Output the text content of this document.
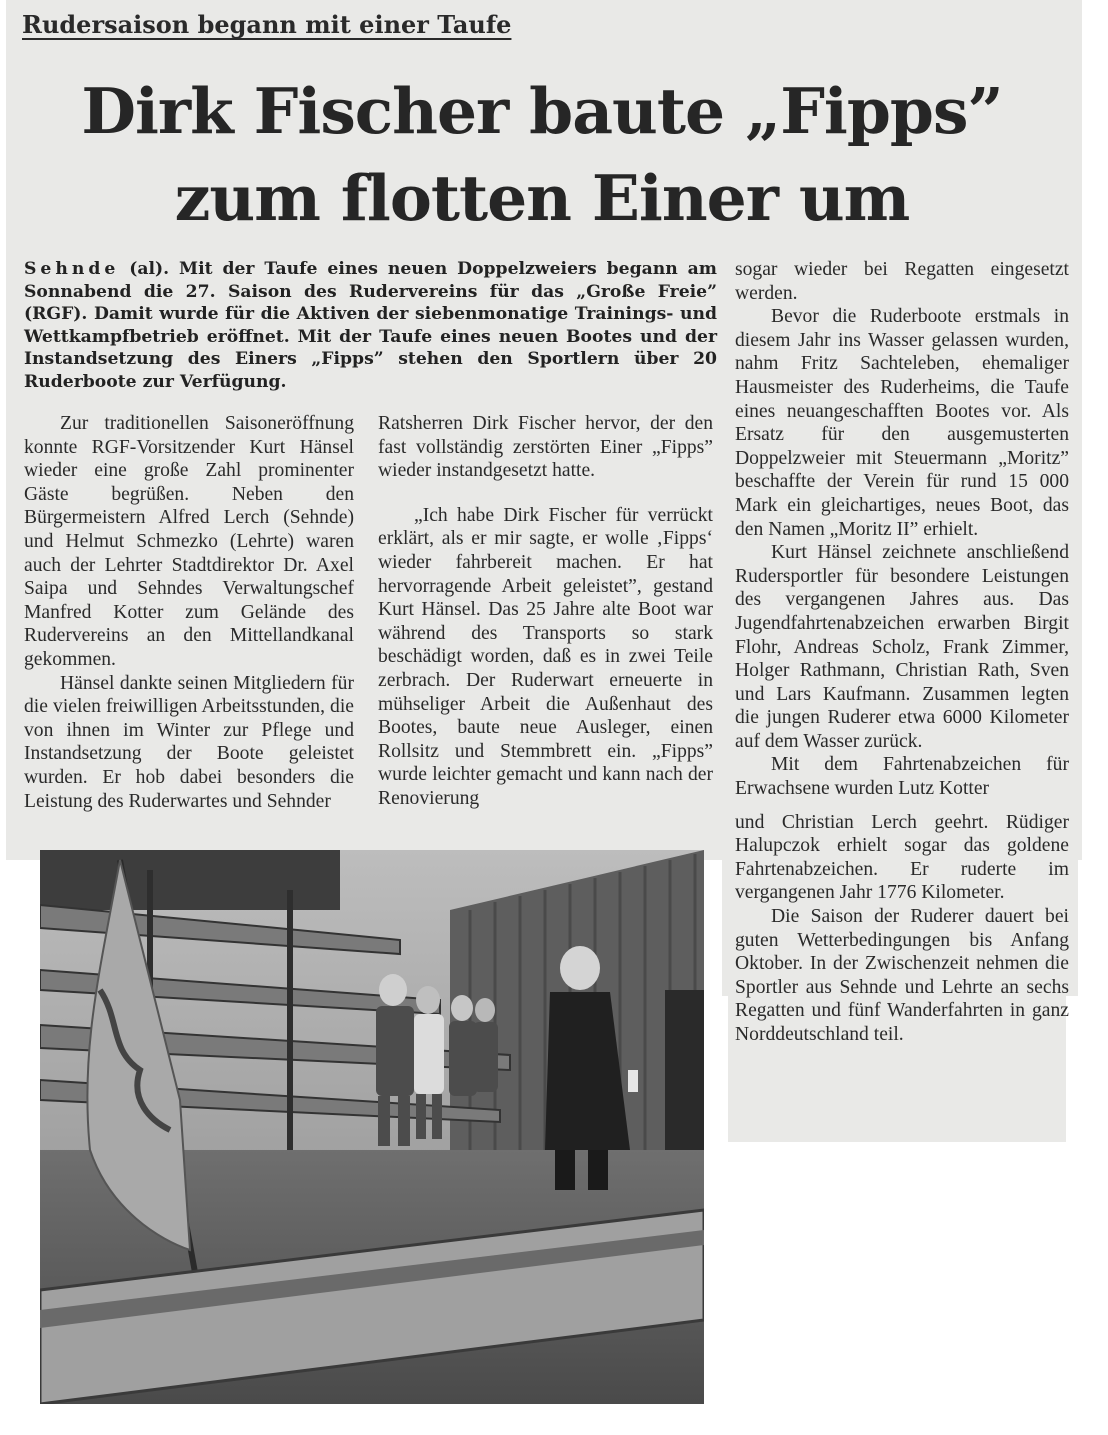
Rudersaison begann mit einer Taufe
Dirk Fischer baute „Fipps”
zum flotten Einer um
Sehnde (al). Mit der Taufe eines neuen Doppelzweiers begann am Sonnabend die 27. Saison des Rudervereins für das „Große Freie” (RGF). Damit wurde für die Aktiven der siebenmonatige Trainings- und Wettkampfbetrieb eröffnet. Mit der Taufe eines neuen Bootes und der Instandsetzung des Einers „Fipps” stehen den Sportlern über 20 Ruderboote zur Verfügung.

Zur traditionellen Saisoneröffnung konnte RGF-Vorsitzender Kurt Hänsel wieder eine große Zahl prominenter Gäste begrüßen. Neben den Bürgermeistern Alfred Lerch (Sehnde) und Helmut Schmezko (Lehrte) waren auch der Lehrter Stadtdirektor Dr. Axel Saipa und Sehndes Verwaltungschef Manfred Kotter zum Gelände des Rudervereins an den Mittellandkanal gekommen.

Hänsel dankte seinen Mitgliedern für die vielen freiwilligen Arbeitsstunden, die von ihnen im Winter zur Pflege und Instandsetzung der Boote geleistet wurden. Er hob dabei besonders die Leistung des Ruderwartes und Sehnder

Ratsherren Dirk Fischer hervor, der den fast vollständig zerstörten Einer „Fipps” wieder instandgesetzt hatte.

„Ich habe Dirk Fischer für verrückt erklärt, als er mir sagte, er wolle ‚Fipps‘ wieder fahrbereit machen. Er hat hervorragende Arbeit geleistet”, gestand Kurt Hänsel. Das 25 Jahre alte Boot war während des Transports so stark beschädigt worden, daß es in zwei Teile zerbrach. Der Ruderwart erneuerte in mühseliger Arbeit die Außenhaut des Bootes, baute neue Ausleger, einen Rollsitz und Stemmbrett ein. „Fipps” wurde leichter gemacht und kann nach der Renovierung

sogar wieder bei Regatten eingesetzt werden.

Bevor die Ruderboote erstmals in diesem Jahr ins Wasser gelassen wurden, nahm Fritz Sachteleben, ehemaliger Hausmeister des Ruderheims, die Taufe eines neuangeschafften Bootes vor. Als Ersatz für den ausgemusterten Doppelzweier mit Steuermann „Moritz” beschaffte der Verein für rund 15 000 Mark ein gleichartiges, neues Boot, das den Namen „Moritz II” erhielt.

Kurt Hänsel zeichnete anschließend Rudersportler für besondere Leistungen des vergangenen Jahres aus. Das Jugendfahrtenabzeichen erwarben Birgit Flohr, Andreas Scholz, Frank Zimmer, Holger Rathmann, Christian Rath, Sven und Lars Kaufmann. Zusammen legten die jungen Ruderer etwa 6000 Kilometer auf dem Wasser zurück.

Mit dem Fahrtenabzeichen für Erwachsene wurden Lutz Kotter

und Christian Lerch geehrt. Rüdiger Halupczok erhielt sogar das goldene Fahrtenabzeichen. Er ruderte im vergangenen Jahr 1776 Kilometer.

Die Saison der Ruderer dauert bei guten Wetterbedingungen bis Anfang Oktober. In der Zwischenzeit nehmen die Sportler aus Sehnde und Lehrte an sechs Regatten und fünf Wanderfahrten in ganz Norddeutschland teil.
